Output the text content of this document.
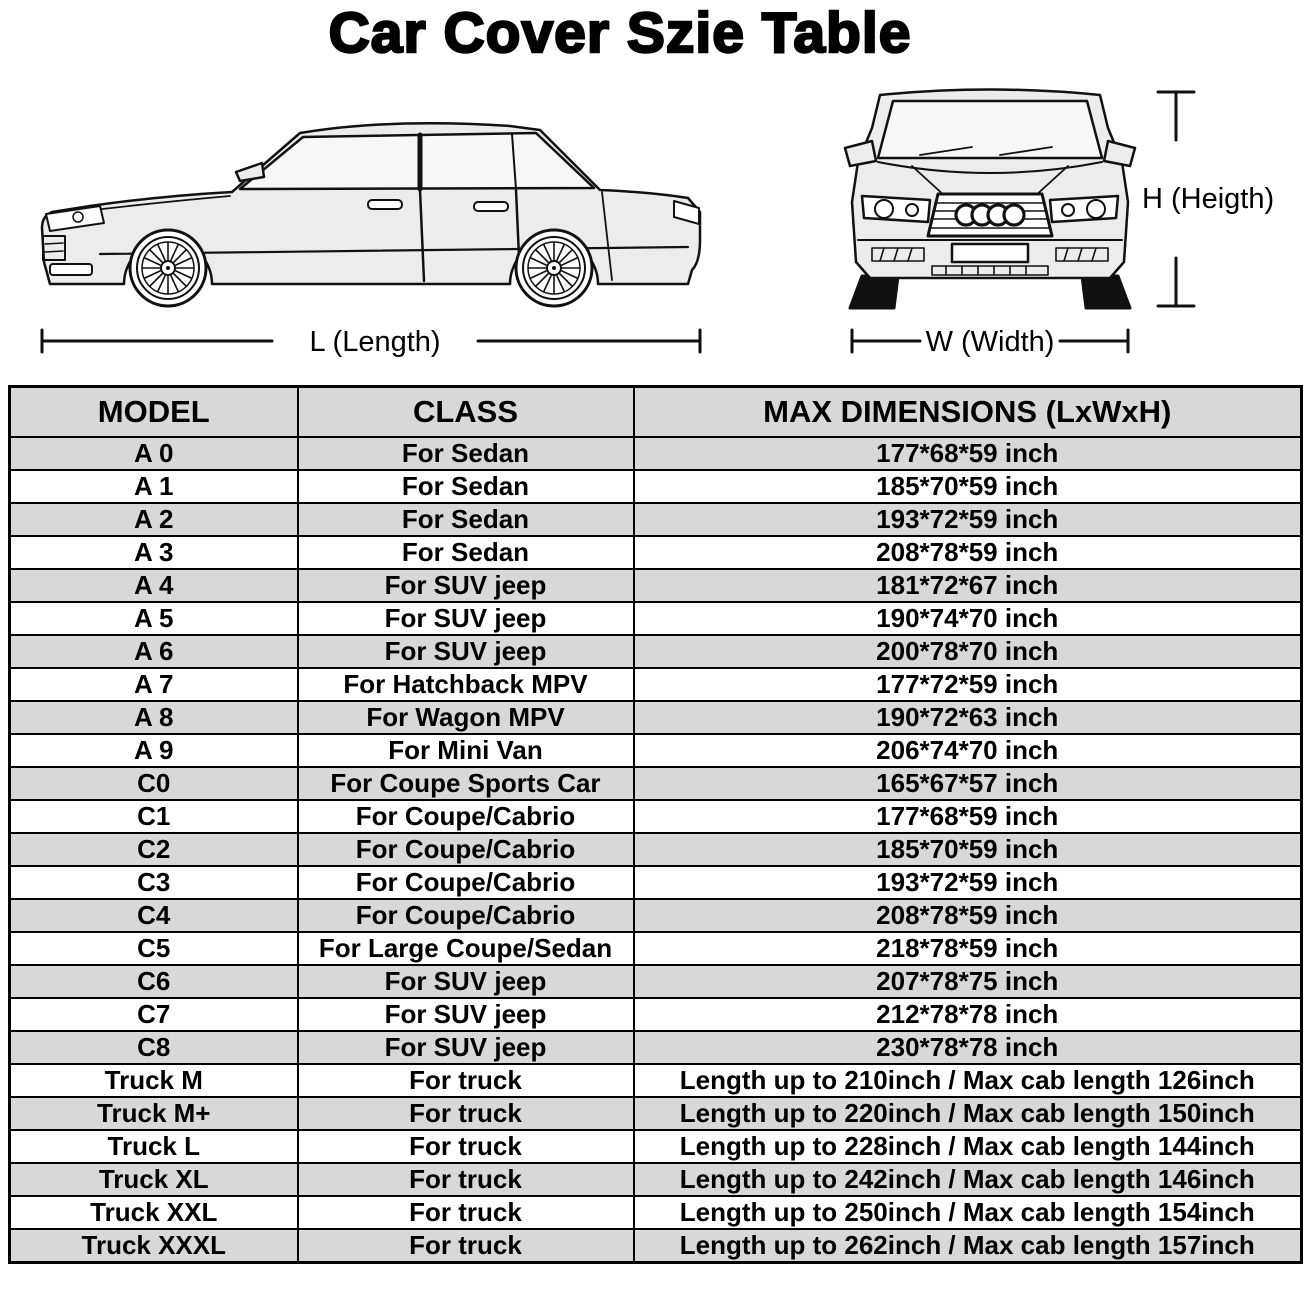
Car Cover Szie Table
L (Length)	W (Width)
H (Heigth)
MODEL	CLASS	MAX DIMENSIONS (LxWxH)
A 0	For Sedan	177*68*59 inch
A 1	For Sedan	185*70*59 inch
A 2	For Sedan	193*72*59 inch
A 3	For Sedan	208*78*59 inch
A 4	For SUV jeep	181*72*67 inch
A 5	For SUV jeep	190*74*70 inch
A 6	For SUV jeep	200*78*70 inch
A 7	For Hatchback MPV	177*72*59 inch
A 8	For Wagon MPV	190*72*63 inch
A 9	For Mini Van	206*74*70 inch
C0	For Coupe Sports Car	165*67*57 inch
C1	For Coupe/Cabrio	177*68*59 inch
C2	For Coupe/Cabrio	185*70*59 inch
C3	For Coupe/Cabrio	193*72*59 inch
C4	For Coupe/Cabrio	208*78*59 inch
C5	For Large Coupe/Sedan	218*78*59 inch
C6	For SUV jeep	207*78*75 inch
C7	For SUV jeep	212*78*78 inch
C8	For SUV jeep	230*78*78 inch
Truck M	For truck	Length up to 210inch / Max cab length 126inch
Truck M+	For truck	Length up to 220inch / Max cab length 150inch
Truck L	For truck	Length up to 228inch / Max cab length 144inch
Truck XL	For truck	Length up to 242inch / Max cab length 146inch
Truck XXL	For truck	Length up to 250inch / Max cab length 154inch
Truck XXXL	For truck	Length up to 262inch / Max cab length 157inch
